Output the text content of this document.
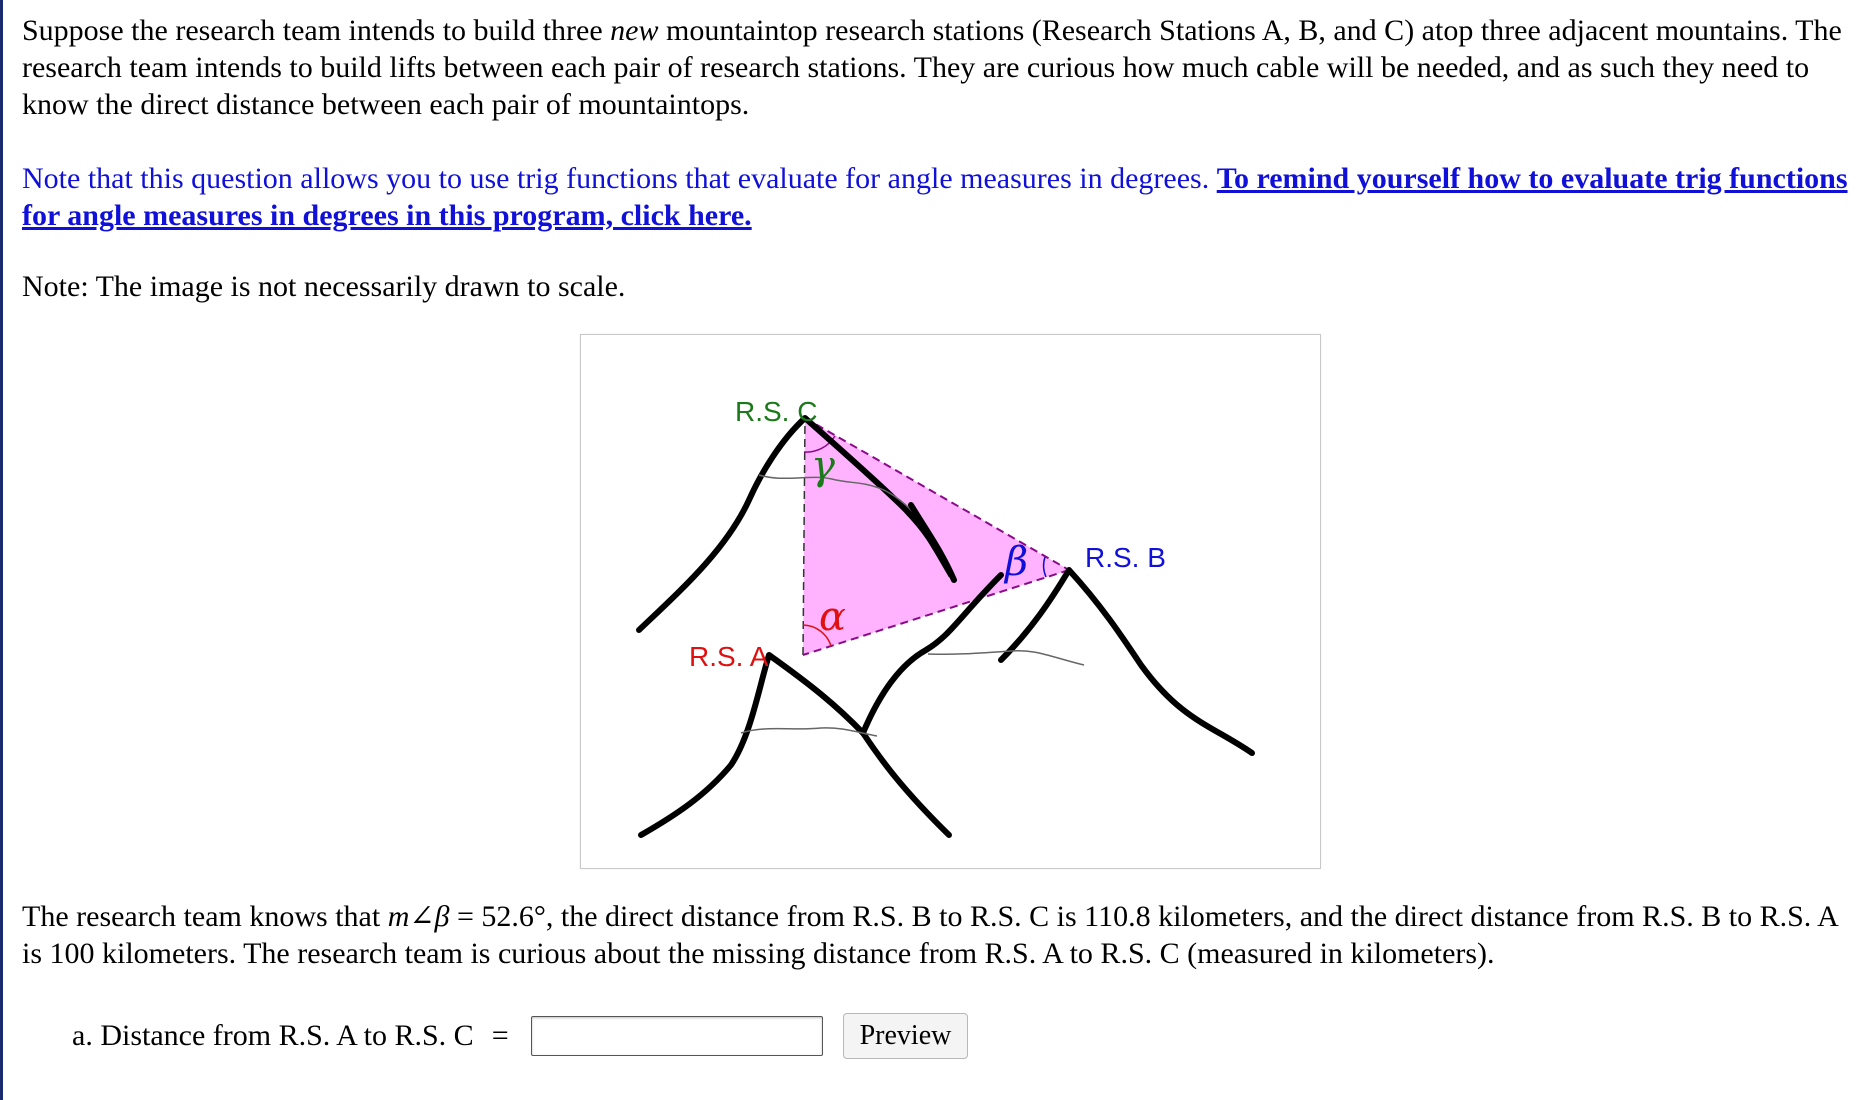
Suppose the research team intends to build three new mountaintop research stations (Research Stations A, B, and C) atop three adjacent mountains. The research team intends to build lifts between each pair of research stations. They are curious how much cable will be needed, and as such they need to know the direct distance between each pair of mountaintops.

Note that this question allows you to use trig functions that evaluate for angle measures in degrees. To remind yourself how to evaluate trig functions for angle measures in degrees in this program, click here.

Note: The image is not necessarily drawn to scale.

R.S. C
R.S. B
R.S. A
γ
β
α

The research team knows that m∠β = 52.6°, the direct distance from R.S. B to R.S. C is 110.8 kilometers, and the direct distance from R.S. B to R.S. A is 100 kilometers. The research team is curious about the missing distance from R.S. A to R.S. C (measured in kilometers).

a. Distance from R.S. A to R.S. C =	Preview
